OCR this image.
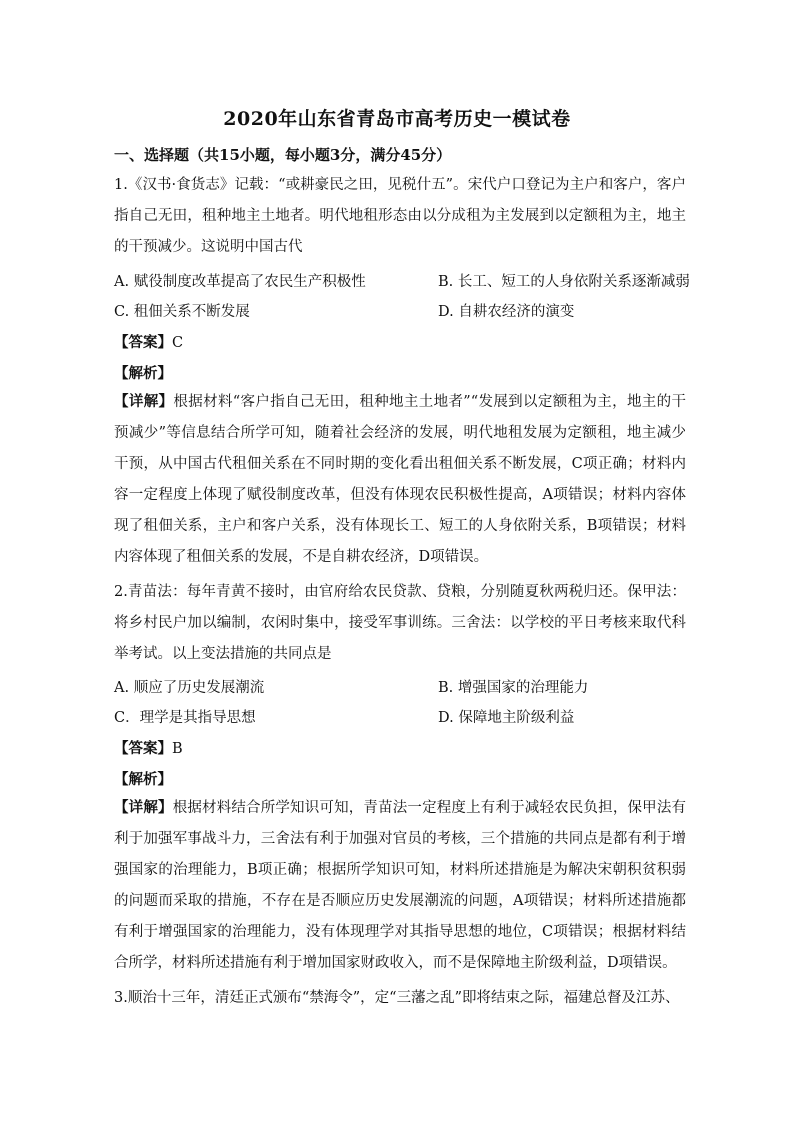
2020年山东省青岛市高考历史一模试卷
一、选择题（共15小题，每小题3分，满分45分）
1.《汉书·食货志》记载：“或耕豪民之田，见税什五”。宋代户口登记为主户和客户，客户指自己无田，租种地主土地者。明代地租形态由以分成租为主发展到以定额租为主，地主的干预减少。这说明中国古代
A. 赋役制度改革提高了农民生产积极性	B. 长工、短工的人身依附关系逐渐减弱
C. 租佃关系不断发展	D. 自耕农经济的演变
【答案】C
【解析】
【详解】根据材料“客户指自己无田，租种地主土地者”“发展到以定额租为主，地主的干预减少”等信息结合所学可知，随着社会经济的发展，明代地租发展为定额租，地主减少干预，从中国古代租佃关系在不同时期的变化看出租佃关系不断发展，C项正确；材料内容一定程度上体现了赋役制度改革，但没有体现农民积极性提高，A项错误；材料内容体现了租佃关系，主户和客户关系，没有体现长工、短工的人身依附关系，B项错误；材料内容体现了租佃关系的发展，不是自耕农经济，D项错误。
2.青苗法：每年青黄不接时，由官府给农民贷款、贷粮，分别随夏秋两税归还。保甲法：将乡村民户加以编制，农闲时集中，接受军事训练。三舍法：以学校的平日考核来取代科举考试。以上变法措施的共同点是
A. 顺应了历史发展潮流	B. 增强国家的治理能力
C．理学是其指导思想	D. 保障地主阶级利益
【答案】B
【解析】
【详解】根据材料结合所学知识可知，青苗法一定程度上有利于减轻农民负担，保甲法有利于加强军事战斗力，三舍法有利于加强对官员的考核，三个措施的共同点是都有利于增强国家的治理能力，B项正确；根据所学知识可知，材料所述措施是为解决宋朝积贫积弱的问题而采取的措施，不存在是否顺应历史发展潮流的问题，A项错误；材料所述措施都有利于增强国家的治理能力，没有体现理学对其指导思想的地位，C项错误；根据材料结合所学，材料所述措施有利于增加国家财政收入，而不是保障地主阶级利益，D项错误。
3.顺治十三年，清廷正式颁布“禁海令”，定“三藩之乱”即将结束之际，福建总督及江苏、
